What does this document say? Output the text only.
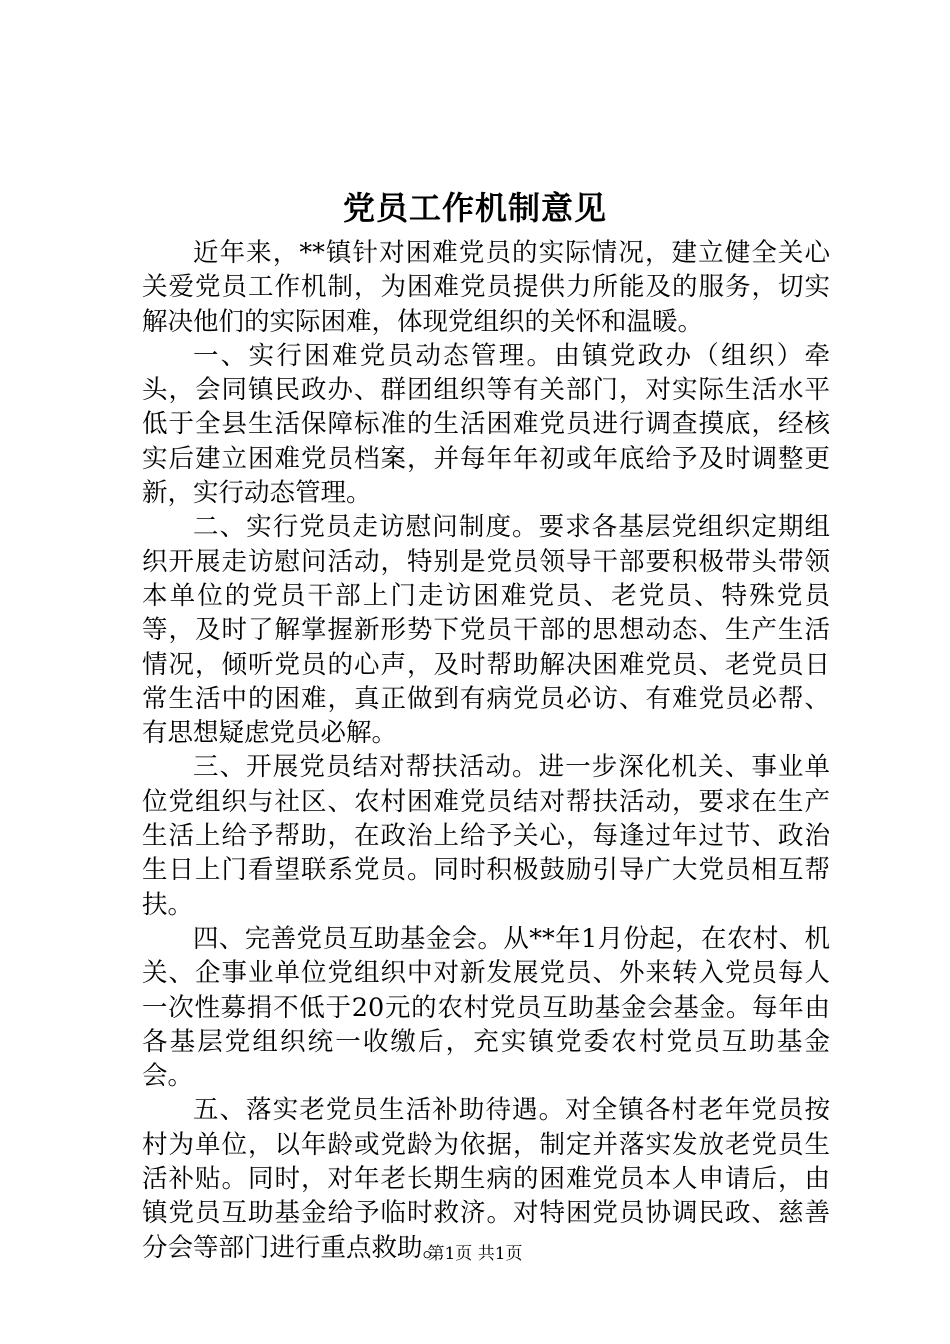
党员工作机制意见

近年来，**镇针对困难党员的实际情况，建立健全关心关爱党员工作机制，为困难党员提供力所能及的服务，切实解决他们的实际困难，体现党组织的关怀和温暖。

一、实行困难党员动态管理。由镇党政办（组织）牵头，会同镇民政办、群团组织等有关部门，对实际生活水平低于全县生活保障标准的生活困难党员进行调查摸底，经核实后建立困难党员档案，并每年年初或年底给予及时调整更新，实行动态管理。

二、实行党员走访慰问制度。要求各基层党组织定期组织开展走访慰问活动，特别是党员领导干部要积极带头带领本单位的党员干部上门走访困难党员、老党员、特殊党员等，及时了解掌握新形势下党员干部的思想动态、生产生活情况，倾听党员的心声，及时帮助解决困难党员、老党员日常生活中的困难，真正做到有病党员必访、有难党员必帮、有思想疑虑党员必解。

三、开展党员结对帮扶活动。进一步深化机关、事业单位党组织与社区、农村困难党员结对帮扶活动，要求在生产生活上给予帮助，在政治上给予关心，每逢过年过节、政治生日上门看望联系党员。同时积极鼓励引导广大党员相互帮扶。

四、完善党员互助基金会。从**年1月份起，在农村、机关、企事业单位党组织中对新发展党员、外来转入党员每人一次性募捐不低于20元的农村党员互助基金会基金。每年由各基层党组织统一收缴后，充实镇党委农村党员互助基金会。

五、落实老党员生活补助待遇。对全镇各村老年党员按村为单位，以年龄或党龄为依据，制定并落实发放老党员生活补贴。同时，对年老长期生病的困难党员本人申请后，由镇党员互助基金给予临时救济。对特困党员协调民政、慈善分会等部门进行重点救助。

第1页 共1页
